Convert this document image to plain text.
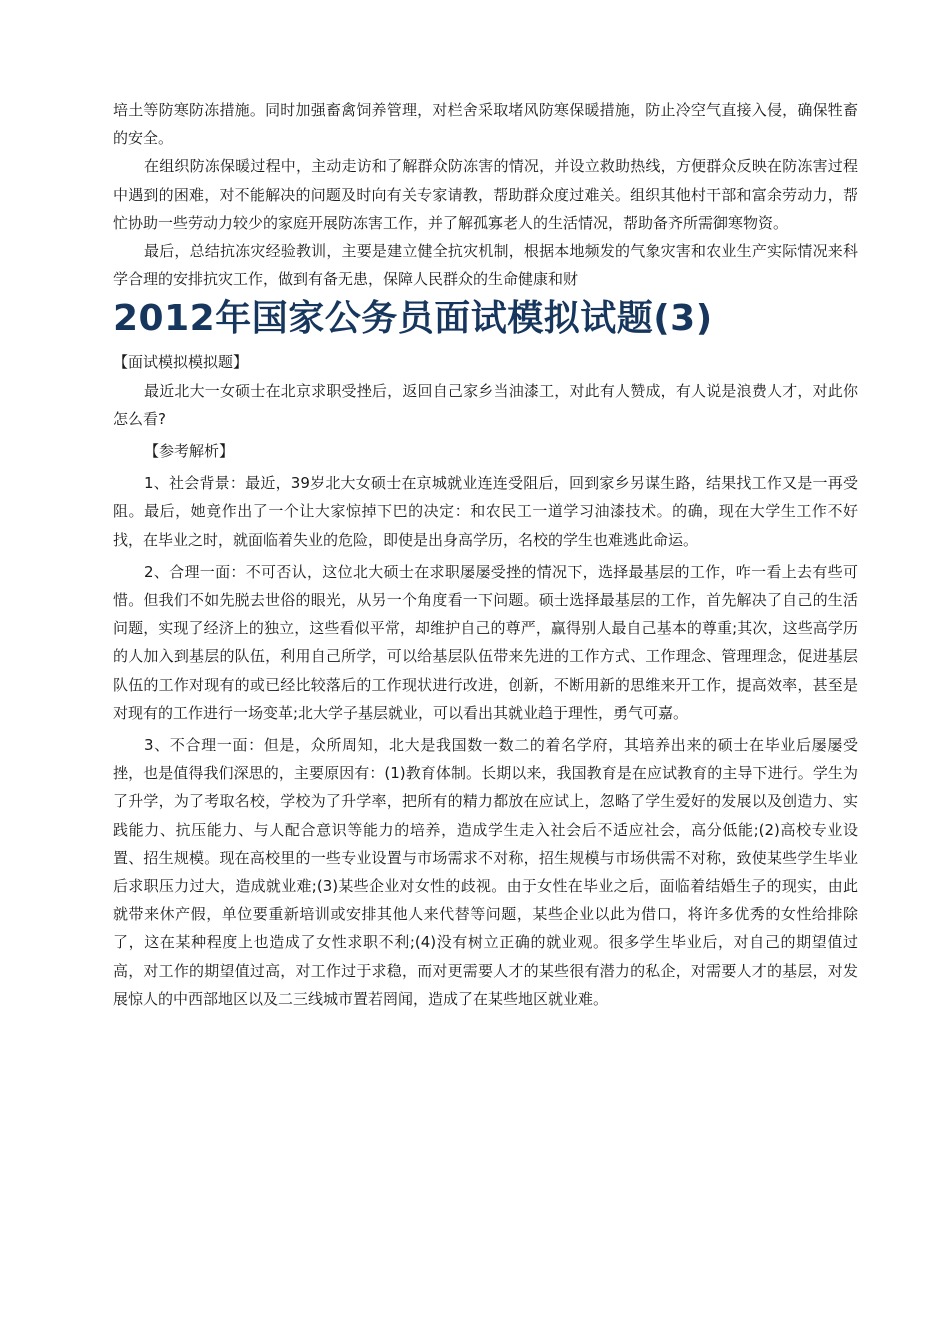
培土等防寒防冻措施。同时加强畜禽饲养管理，对栏舍采取堵风防寒保暖措施，防止冷空气直接入侵，确保牲畜的安全。

在组织防冻保暖过程中，主动走访和了解群众防冻害的情况，并设立救助热线，方便群众反映在防冻害过程中遇到的困难，对不能解决的问题及时向有关专家请教，帮助群众度过难关。组织其他村干部和富余劳动力，帮忙协助一些劳动力较少的家庭开展防冻害工作，并了解孤寡老人的生活情况，帮助备齐所需御寒物资。

最后，总结抗冻灾经验教训，主要是建立健全抗灾机制，根据本地频发的气象灾害和农业生产实际情况来科学合理的安排抗灾工作，做到有备无患，保障人民群众的生命健康和财

2012年国家公务员面试模拟试题(3)

【面试模拟模拟题】

最近北大一女硕士在北京求职受挫后，返回自己家乡当油漆工，对此有人赞成，有人说是浪费人才，对此你怎么看?

【参考解析】

1、社会背景：最近，39岁北大女硕士在京城就业连连受阻后，回到家乡另谋生路，结果找工作又是一再受阻。最后，她竟作出了一个让大家惊掉下巴的决定：和农民工一道学习油漆技术。的确，现在大学生工作不好找，在毕业之时，就面临着失业的危险，即使是出身高学历，名校的学生也难逃此命运。

2、合理一面：不可否认，这位北大硕士在求职屡屡受挫的情况下，选择最基层的工作，咋一看上去有些可惜。但我们不如先脱去世俗的眼光，从另一个角度看一下问题。硕士选择最基层的工作，首先解决了自己的生活问题，实现了经济上的独立，这些看似平常，却维护自己的尊严，赢得别人最自己基本的尊重;其次，这些高学历的人加入到基层的队伍，利用自己所学，可以给基层队伍带来先进的工作方式、工作理念、管理理念，促进基层队伍的工作对现有的或已经比较落后的工作现状进行改进，创新，不断用新的思维来开工作，提高效率，甚至是对现有的工作进行一场变革;北大学子基层就业，可以看出其就业趋于理性，勇气可嘉。

3、不合理一面：但是，众所周知，北大是我国数一数二的着名学府，其培养出来的硕士在毕业后屡屡受挫，也是值得我们深思的，主要原因有：(1)教育体制。长期以来，我国教育是在应试教育的主导下进行。学生为了升学，为了考取名校，学校为了升学率，把所有的精力都放在应试上，忽略了学生爱好的发展以及创造力、实践能力、抗压能力、与人配合意识等能力的培养，造成学生走入社会后不适应社会，高分低能;(2)高校专业设置、招生规模。现在高校里的一些专业设置与市场需求不对称，招生规模与市场供需不对称，致使某些学生毕业后求职压力过大，造成就业难;(3)某些企业对女性的歧视。由于女性在毕业之后，面临着结婚生子的现实，由此就带来休产假，单位要重新培训或安排其他人来代替等问题，某些企业以此为借口，将许多优秀的女性给排除了，这在某种程度上也造成了女性求职不利;(4)没有树立正确的就业观。很多学生毕业后，对自己的期望值过高，对工作的期望值过高，对工作过于求稳，而对更需要人才的某些很有潜力的私企，对需要人才的基层，对发展惊人的中西部地区以及二三线城市置若罔闻，造成了在某些地区就业难。
